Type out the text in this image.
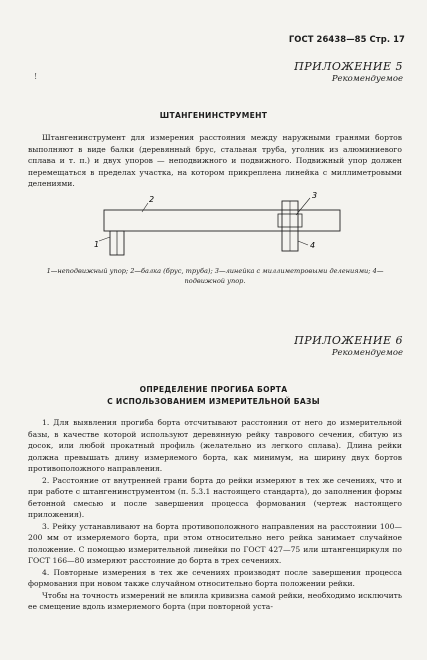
ГОСТ 26438—85 Стр. 17
!
ПРИЛОЖЕНИЕ 5
Рекомендуемое
ШТАНГЕНИНСТРУМЕНТ

Штангенинструмент для измерения расстояния между наружными гранями бортов выполняют в виде балки (деревянный брус, стальная труба, уголник из алюминиевого сплава и т. п.) и двух упоров — неподвижного и подвижного. Подвижный упор должен перемещаться в пределах участка, на котором прикреплена линейка с миллиметровыми делениями.

2	3
4
1
1—неподвижный упор; 2—балка (брус, труба); 3—линейка с миллиметровыми делениями; 4—подвижной упор.
ПРИЛОЖЕНИЕ 6
Рекомендуемое
ОПРЕДЕЛЕНИЕ ПРОГИБА БОРТА
С ИСПОЛЬЗОВАНИЕМ ИЗМЕРИТЕЛЬНОЙ БАЗЫ

1. Для выявления прогиба борта отсчитывают расстояния от него до измерительной базы, в качестве которой используют деревянную рейку таврового сечения, сбитую из досок, или любой прокатный профиль (желательно из легкого сплава). Длина рейки должна превышать длину измеряемого борта, как минимум, на ширину двух бортов противоположного направления.

2. Расстояние от внутренней грани борта до рейки измеряют в тех же сечениях, что и при работе с штангенинструментом (п. 5.3.1 настоящего стандарта), до заполнения формы бетонной смесью и после завершения процесса формования (чертеж настоящего приложения).

3. Рейку устанавливают на борта противоположного направления на расстоянии 100—200 мм от измеряемого борта, при этом относительно него рейка занимает случайное положение. С помощью измерительной линейки по ГОСТ 427—75 или штангенциркуля по ГОСТ 166—80 измеряют расстояние до борта в трех сечениях.

4. Повторные измерения в тех же сечениях производят после завершения процесса формования при новом также случайном относительно борта положении рейки.

Чтобы на точность измерений не влияла кривизна самой рейки, необходимо исключить ее смещение вдоль измеряемого борта (при повторной уста-
